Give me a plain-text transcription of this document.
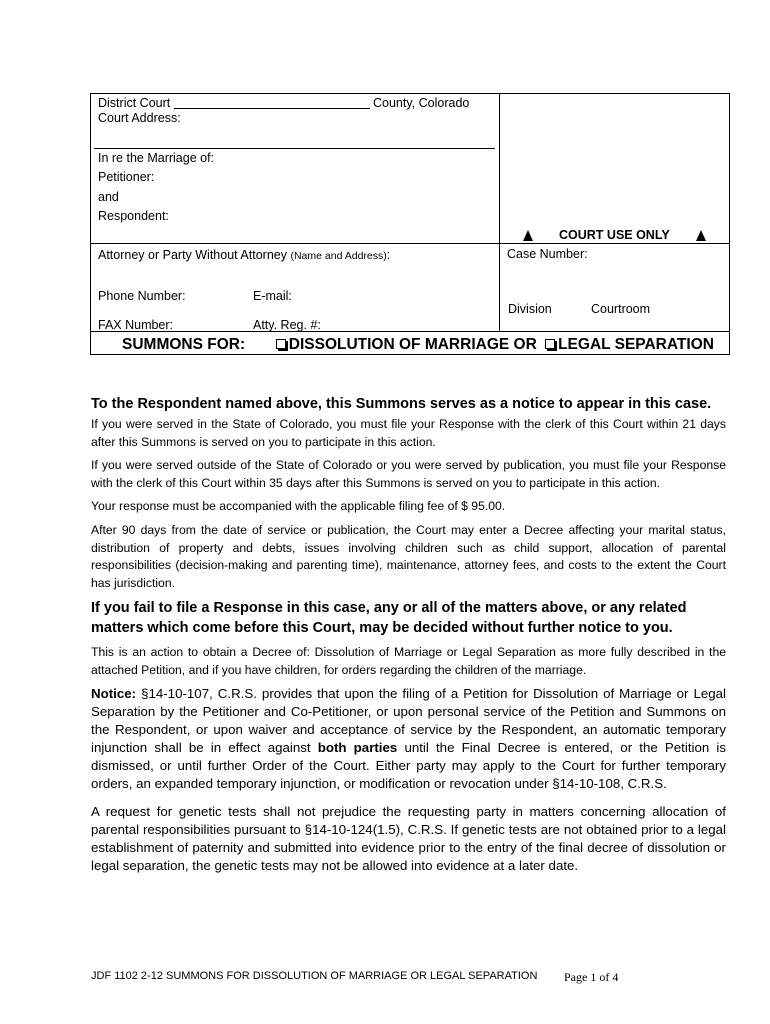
District Court	County, Colorado
Court Address:
In re the Marriage of:
Petitioner:
and
Respondent:
COURT USE ONLY
Attorney or Party Without Attorney (Name and Address):	Case Number:
Phone Number:	E-mail:
Division	Courtroom
FAX Number:	Atty. Reg. #:
SUMMONS FOR:	DISSOLUTION OF MARRIAGE OR LEGAL SEPARATION
To the Respondent named above, this Summons serves as a notice to appear in this case.
If you were served in the State of Colorado, you must file your Response with the clerk of this Court within 21 days after this Summons is served on you to participate in this action.
If you were served outside of the State of Colorado or you were served by publication, you must file your Response with the clerk of this Court within 35 days after this Summons is served on you to participate in this action.
Your response must be accompanied with the applicable filing fee of $ 95.00.
After 90 days from the date of service or publication, the Court may enter a Decree affecting your marital status, distribution of property and debts, issues involving children such as child support, allocation of parental responsibilities (decision-making and parenting time), maintenance, attorney fees, and costs to the extent the Court has jurisdiction.
If you fail to file a Response in this case, any or all of the matters above, or any related matters which come before this Court, may be decided without further notice to you.
This is an action to obtain a Decree of: Dissolution of Marriage or Legal Separation as more fully described in the attached Petition, and if you have children, for orders regarding the children of the marriage.
Notice: §14-10-107, C.R.S. provides that upon the filing of a Petition for Dissolution of Marriage or Legal Separation by the Petitioner and Co-Petitioner, or upon personal service of the Petition and Summons on the Respondent, or upon waiver and acceptance of service by the Respondent, an automatic temporary injunction shall be in effect against both parties until the Final Decree is entered, or the Petition is dismissed, or until further Order of the Court. Either party may apply to the Court for further temporary orders, an expanded temporary injunction, or modification or revocation under §14-10-108, C.R.S.
A request for genetic tests shall not prejudice the requesting party in matters concerning allocation of parental responsibilities pursuant to §14-10-124(1.5), C.R.S. If genetic tests are not obtained prior to a legal establishment of paternity and submitted into evidence prior to the entry of the final decree of dissolution or legal separation, the genetic tests may not be allowed into evidence at a later date.
JDF 1102 2-12 SUMMONS FOR DISSOLUTION OF MARRIAGE OR LEGAL SEPARATION Page 1 of 4
